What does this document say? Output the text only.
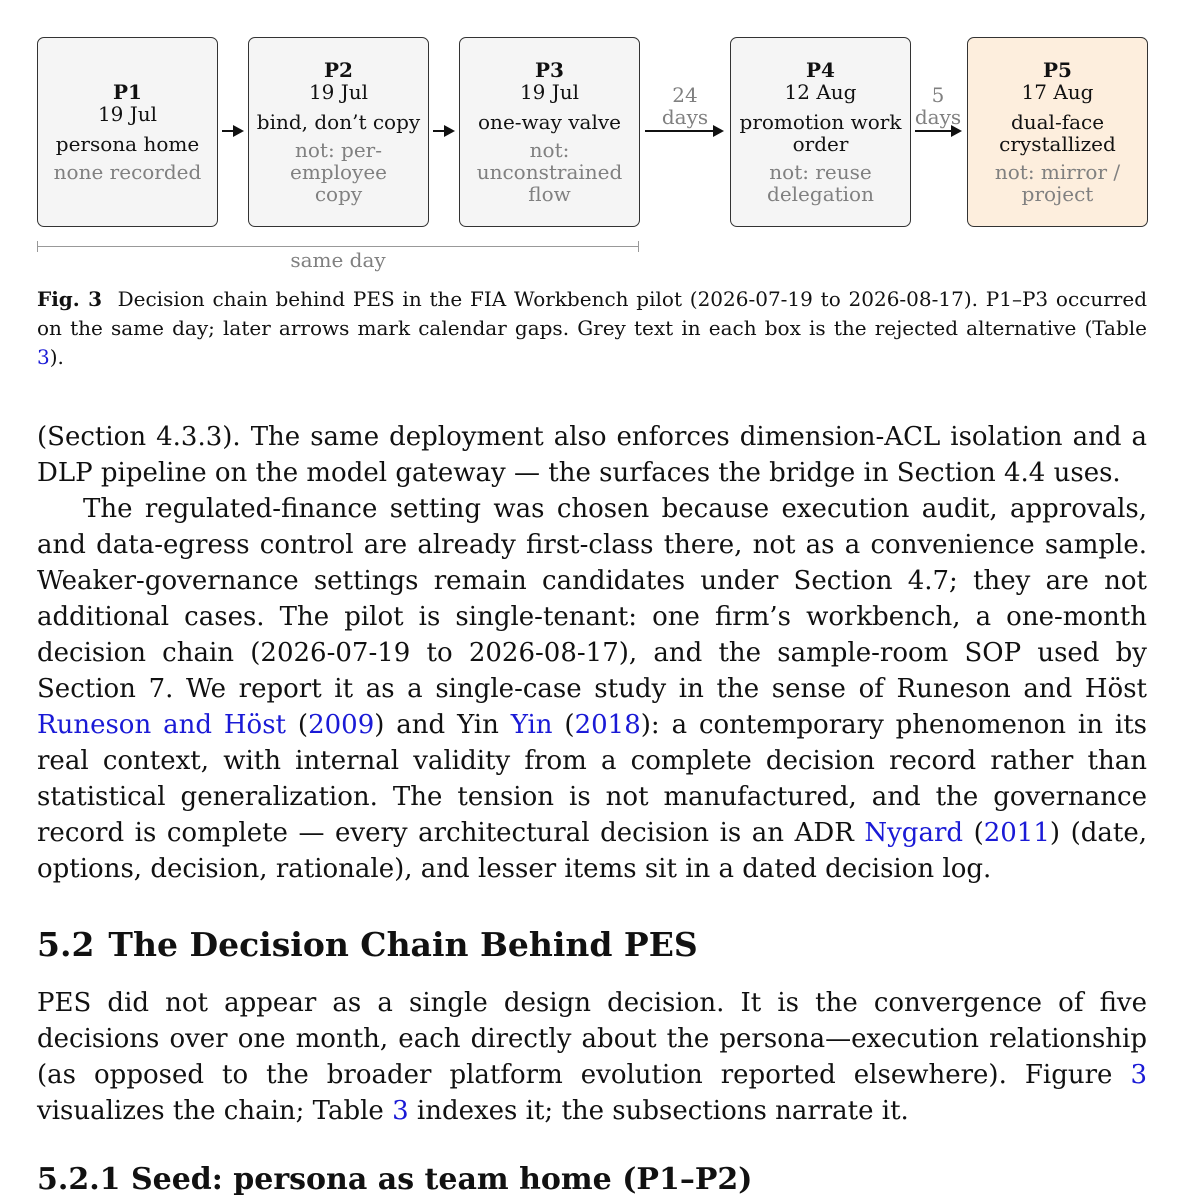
P1
19 Jul
persona home
none recorded
P2
19 Jul
bind, don’t copy
not: per-employee copy
P3
19 Jul
one-way valve
not: unconstrained flow
24
days
P4
12 Aug
promotion work order
not: reuse delegation
5
days
P5
17 Aug
dual-face crystallized
not: mirror / project
same day
Fig. 3 Decision chain behind PES in the FIA Workbench pilot (2026-07-19 to 2026-08-17). P1–P3 occurred on the same day; later arrows mark calendar gaps. Grey text in each box is the rejected alternative (Table 3).

(Section 4.3.3). The same deployment also enforces dimension-ACL isolation and a DLP pipeline on the model gateway — the surfaces the bridge in Section 4.4 uses.

The regulated-finance setting was chosen because execution audit, approvals, and data-egress control are already first-class there, not as a convenience sample. Weaker-governance settings remain candidates under Section 4.7; they are not additional cases. The pilot is single-tenant: one firm’s workbench, a one-month decision chain (2026-07-19 to 2026-08-17), and the sample-room SOP used by Section 7. We report it as a single-case study in the sense of Runeson and Höst Runeson and Höst (2009) and Yin Yin (2018): a contemporary phenomenon in its real context, with internal validity from a complete decision record rather than statistical generalization. The tension is not manufactured, and the governance record is complete — every architectural decision is an ADR Nygard (2011) (date, options, decision, rationale), and lesser items sit in a dated decision log.

5.2 The Decision Chain Behind PES

PES did not appear as a single design decision. It is the convergence of five decisions over one month, each directly about the persona—execution relationship (as opposed to the broader platform evolution reported elsewhere). Figure 3 visualizes the chain; Table 3 indexes it; the subsections narrate it.

5.2.1 Seed: persona as team home (P1–P2)
